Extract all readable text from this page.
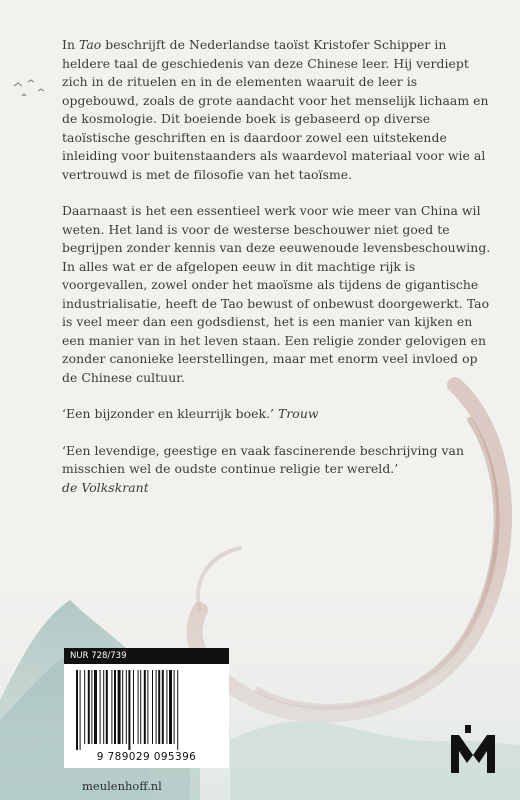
In Tao beschrijft de Nederlandse taoïst Kristofer Schipper in heldere taal de geschiedenis van deze Chinese leer. Hij verdiept zich in de rituelen en in de elementen waaruit de leer is opgebouwd, zoals de grote aandacht voor het menselijk lichaam en de kosmologie. Dit boeiende boek is gebaseerd op diverse taoïstische geschriften en is daardoor zowel een uitstekende inleiding voor buitenstaanders als waardevol materiaal voor wie al vertrouwd is met de filosofie van het taoïsme.

Daarnaast is het een essentieel werk voor wie meer van China wil weten. Het land is voor de westerse beschouwer niet goed te begrijpen zonder kennis van deze eeuwenoude levensbeschouwing. In alles wat er de afgelopen eeuw in dit machtige rijk is voorgevallen, zowel onder het maoïsme als tijdens de gigantische industrialisatie, heeft de Tao bewust of onbewust doorgewerkt. Tao is veel meer dan een godsdienst, het is een manier van kijken en een manier van in het leven staan. Een religie zonder gelovigen en zonder canonieke leerstellingen, maar met enorm veel invloed op de Chinese cultuur.

‘Een bijzonder en kleurrijk boek.’ Trouw

‘Een levendige, geestige en vaak fascinerende beschrijving van misschien wel de oudste continue religie ter wereld.’
de Volkskrant

NUR 728/739
9 789029 095396
meulenhoff.nl
